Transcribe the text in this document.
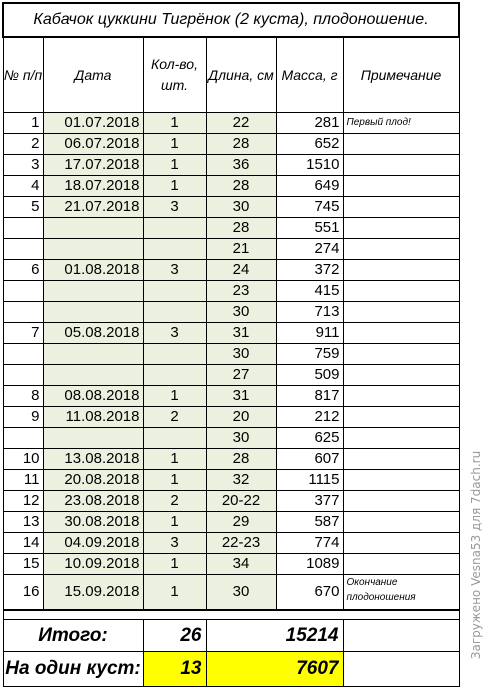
Кабачок цуккини Тигрёнок (2 куста), плодоношение.					
№ п/п	Дата	Кол-во, шт.	Длина, см	Масса, г	Примечание
1	01.07.2018	1	22	281	Первый плод!
2	06.07.2018	1	28	652	
3	17.07.2018	1	36	1510	
4	18.07.2018	1	28	649	
5	21.07.2018	3	30	745	
			28	551	
			21	274	
6	01.08.2018	3	24	372	
			23	415	
			30	713	
7	05.08.2018	3	31	911	
			30	759	
			27	509	
8	08.08.2018	1	31	817	
9	11.08.2018	2	20	212	
			30	625	
10	13.08.2018	1	28	607	
11	20.08.2018	1	32	1115	
12	23.08.2018	2	20-22	377	
13	30.08.2018	1	29	587	
14	04.09.2018	3	22-23	774	
15	10.09.2018	1	34	1089	
16	15.09.2018	1	30	670	Окончание плодоношения

Итого:		26	15214		
На один куст:		13	7607		
Загружено Vesna53 для 7dach.ru
